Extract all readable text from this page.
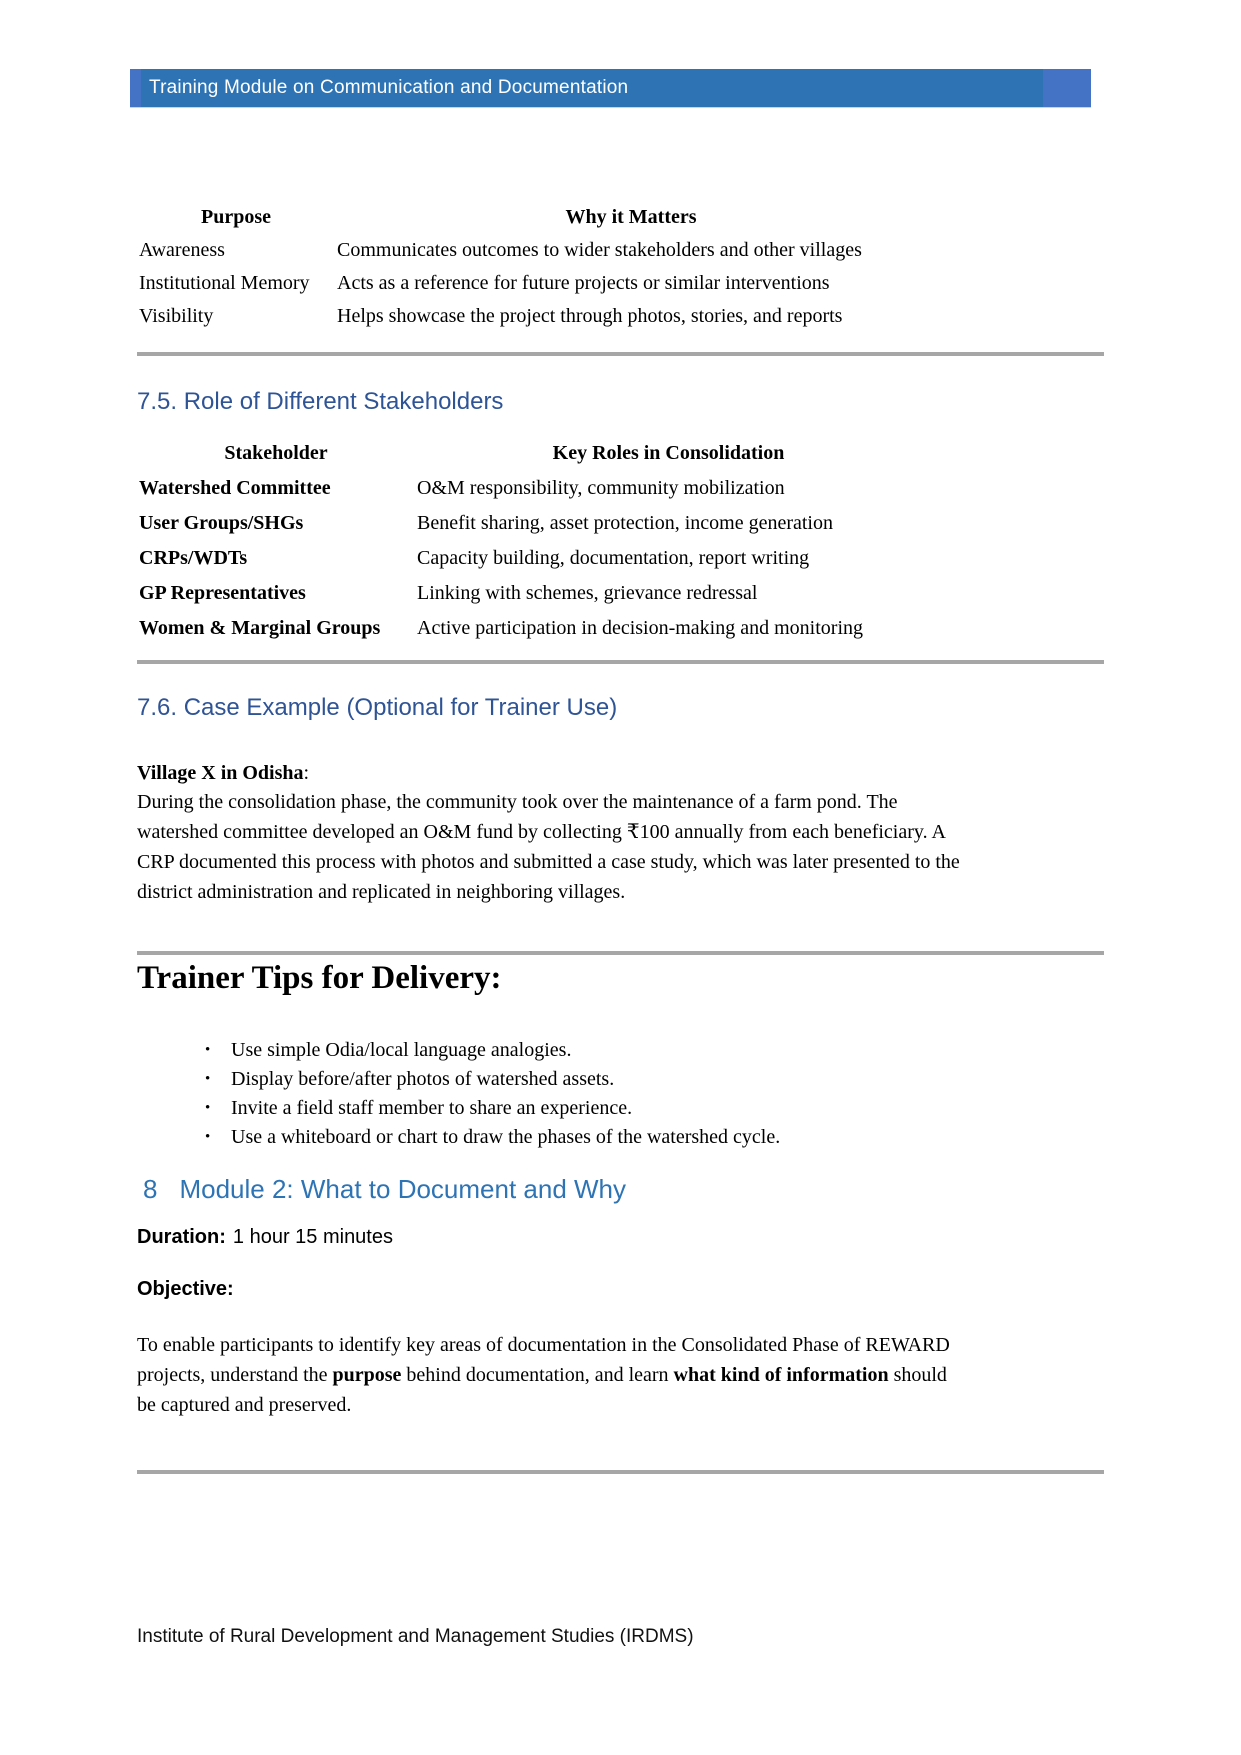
Training Module on Communication and Documentation
Purpose	Why it Matters
Awareness	Communicates outcomes to wider stakeholders and other villages
Institutional Memory	Acts as a reference for future projects or similar interventions
Visibility	Helps showcase the project through photos, stories, and reports
7.5. Role of Different Stakeholders
Stakeholder	Key Roles in Consolidation
Watershed Committee	O&M responsibility, community mobilization
User Groups/SHGs	Benefit sharing, asset protection, income generation
CRPs/WDTs	Capacity building, documentation, report writing
GP Representatives	Linking with schemes, grievance redressal
Women & Marginal Groups	Active participation in decision-making and monitoring
7.6. Case Example (Optional for Trainer Use)

Village X in Odisha:

During the consolidation phase, the community took over the maintenance of a farm pond. The watershed committee developed an O&M fund by collecting ₹100 annually from each beneficiary. A CRP documented this process with photos and submitted a case study, which was later presented to the district administration and replicated in neighboring villages.

Trainer Tips for Delivery:
•	Use simple Odia/local language analogies.
•	Display before/after photos of watershed assets.
•	Invite a field staff member to share an experience.
•	Use a whiteboard or chart to draw the phases of the watershed cycle.
8 Module 2: What to Document and Why

Duration: 1 hour 15 minutes

Objective:

To enable participants to identify key areas of documentation in the Consolidated Phase of REWARD projects, understand the purpose behind documentation, and learn what kind of information should be captured and preserved.

Institute of Rural Development and Management Studies (IRDMS)
